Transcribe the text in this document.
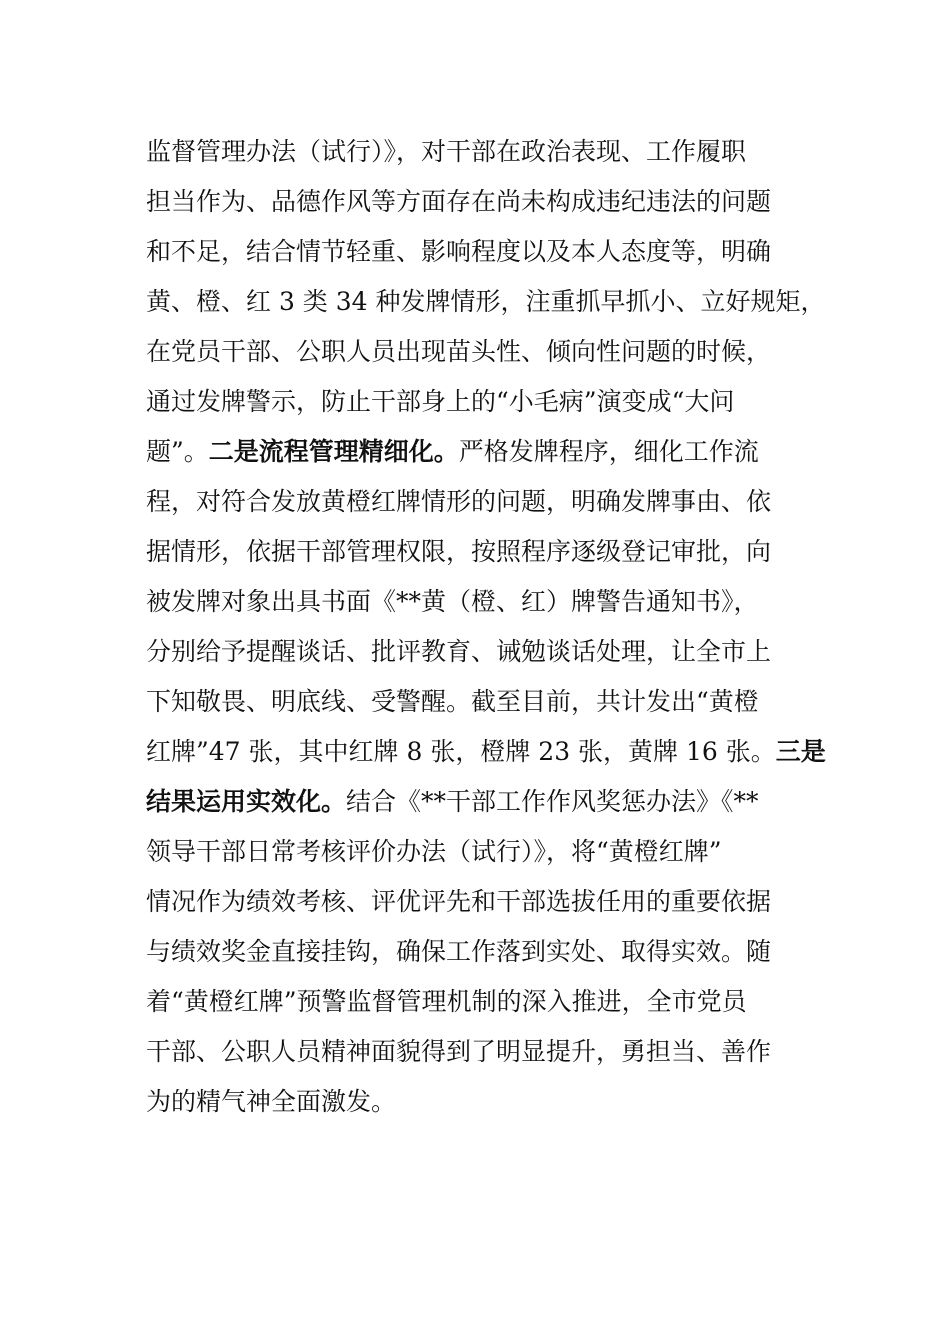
监督管理办法（试行）》，对干部在政治表现、工作履职
担当作为、品德作风等方面存在尚未构成违纪违法的问题
和不足，结合情节轻重、影响程度以及本人态度等，明确
黄、橙、红 3 类 34 种发牌情形，注重抓早抓小、立好规矩，
在党员干部、公职人员出现苗头性、倾向性问题的时候，
通过发牌警示，防止干部身上的“小毛病”演变成“大问
题”。二是流程管理精细化。严格发牌程序，细化工作流
程，对符合发放黄橙红牌情形的问题，明确发牌事由、依
据情形，依据干部管理权限，按照程序逐级登记审批，向
被发牌对象出具书面《**黄（橙、红）牌警告通知书》，
分别给予提醒谈话、批评教育、诫勉谈话处理，让全市上
下知敬畏、明底线、受警醒。截至目前，共计发出“黄橙
红牌”47 张，其中红牌 8 张，橙牌 23 张，黄牌 16 张。三是
结果运用实效化。结合《**干部工作作风奖惩办法》《**
领导干部日常考核评价办法（试行）》，将“黄橙红牌”
情况作为绩效考核、评优评先和干部选拔任用的重要依据
与绩效奖金直接挂钩，确保工作落到实处、取得实效。随
着“黄橙红牌”预警监督管理机制的深入推进，全市党员
干部、公职人员精神面貌得到了明显提升，勇担当、善作
为的精气神全面激发。
